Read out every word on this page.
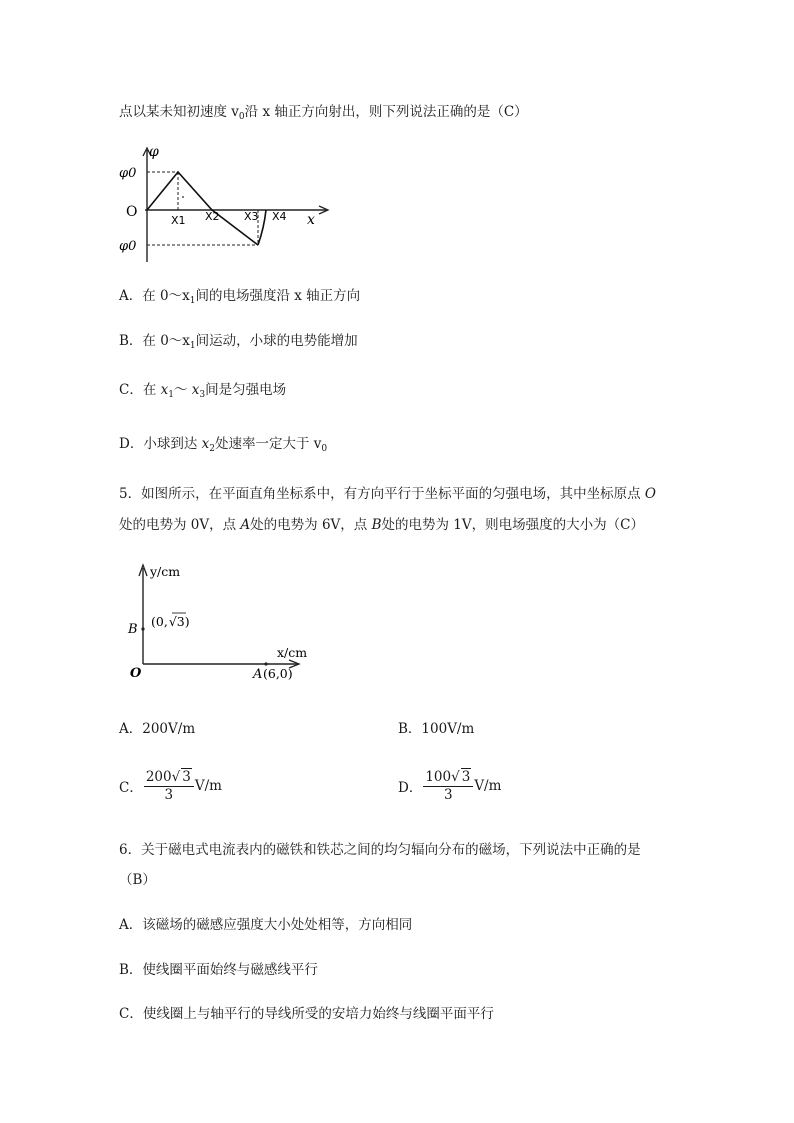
点以某未知初速度 $v_0$沿 x 轴正方向射出，则下列说法正确的是（C）
φ
φ0
O
φ0
X1 X2 X3 X4 x
A．在 $0\sim x_1$间的电场强度沿 x 轴正方向
B．在 $0\sim x_1$间运动，小球的电势能增加
C．在 $x_1\sim$ $x_3$间是匀强电场
D．小球到达 $x_2$处速率一定大于 $v_0$
5．如图所示，在平面直角坐标系中，有方向平行于坐标平面的匀强电场，其中坐标原点 O
处的电势为 0V，点 A处的电势为 6V，点 B处的电势为 1V，则电场强度的大小为（C）
y/cm
x/cm
B
(0,√3)
O	A (6,0)
A．200V/m	B．100V/m
C． $\frac{200√ 3}{3} V/m$	D． $\frac{100√ 3}{3} V/m$
6．关于磁电式电流表内的磁铁和铁芯之间的均匀辐向分布的磁场，下列说法中正确的是
（B）
A．该磁场的磁感应强度大小处处相等，方向相同
B．使线圈平面始终与磁感线平行
C．使线圈上与轴平行的导线所受的安培力始终与线圈平面平行
